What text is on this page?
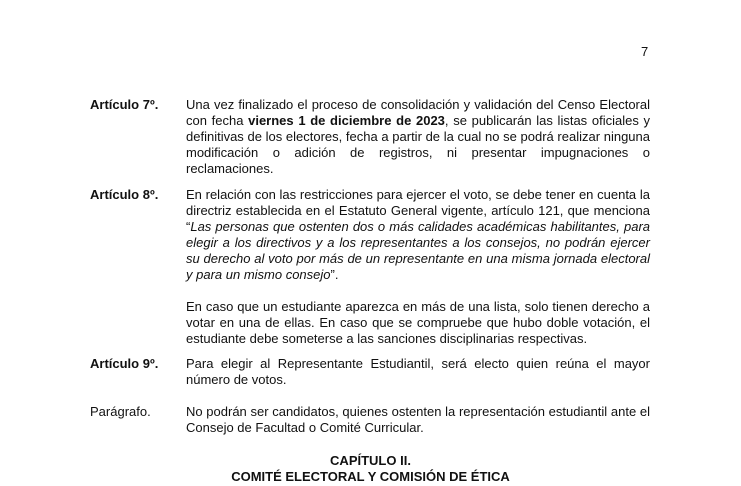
7
Artículo 7º.	Una vez finalizado el proceso de consolidación y validación del Censo Electoral con fecha viernes 1 de diciembre de 2023, se publicarán las listas oficiales y definitivas de los electores, fecha a partir de la cual no se podrá realizar ninguna modificación o adición de registros, ni presentar impugnaciones o reclamaciones.

Artículo 8º.	En relación con las restricciones para ejercer el voto, se debe tener en cuenta la directriz establecida en el Estatuto General vigente, artículo 121, que menciona “Las personas que ostenten dos o más calidades académicas habilitantes, para elegir a los directivos y a los representantes a los consejos, no podrán ejercer su derecho al voto por más de un representante en una misma jornada electoral y para un mismo consejo”.

En caso que un estudiante aparezca en más de una lista, solo tienen derecho a votar en una de ellas. En caso que se compruebe que hubo doble votación, el estudiante debe someterse a las sanciones disciplinarias respectivas.

Artículo 9º.	Para elegir al Representante Estudiantil, será electo quien reúna el mayor número de votos.

Parágrafo.	No podrán ser candidatos, quienes ostenten la representación estudiantil ante el Consejo de Facultad o Comité Curricular.

CAPÍTULO II.
COMITÉ ELECTORAL Y COMISIÓN DE ÉTICA
